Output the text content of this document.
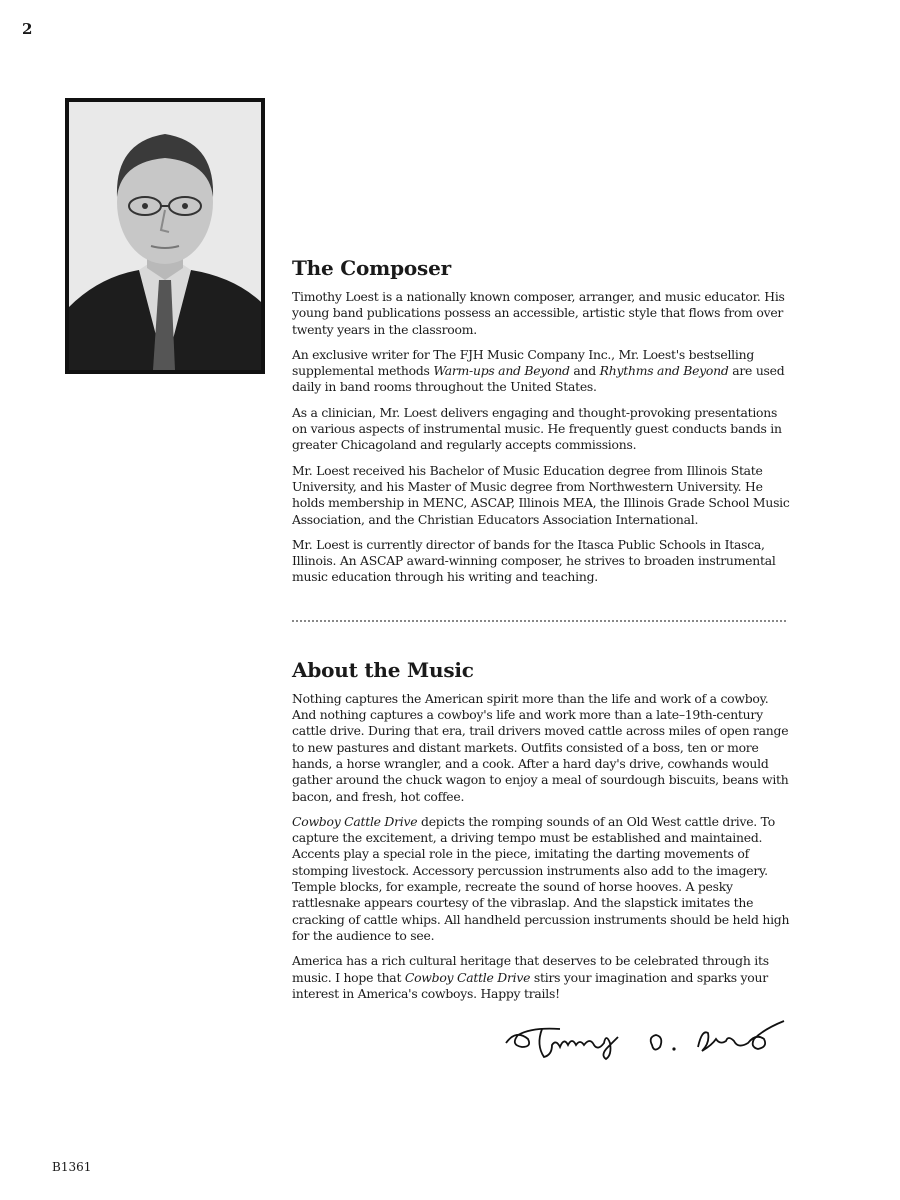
2
The Composer

Timothy Loest is a nationally known composer, arranger, and music educator. His young band publications possess an accessible, artistic style that flows from over twenty years in the classroom.

An exclusive writer for The FJH Music Company Inc., Mr. Loest's bestselling supplemental methods Warm-ups and Beyond and Rhythms and Beyond are used daily in band rooms throughout the United States.

As a clinician, Mr. Loest delivers engaging and thought-provoking presentations on various aspects of instrumental music. He frequently guest conducts bands in greater Chicagoland and regularly accepts commissions.

Mr. Loest received his Bachelor of Music Education degree from Illinois State University, and his Master of Music degree from Northwestern University. He holds membership in MENC, ASCAP, Illinois MEA, the Illinois Grade School Music Association, and the Christian Educators Association International.

Mr. Loest is currently director of bands for the Itasca Public Schools in Itasca, Illinois. An ASCAP award-winning composer, he strives to broaden instrumental music education through his writing and teaching.

About the Music

Nothing captures the American spirit more than the life and work of a cowboy. And nothing captures a cowboy's life and work more than a late–19th-century cattle drive. During that era, trail drivers moved cattle across miles of open range to new pastures and distant markets. Outfits consisted of a boss, ten or more hands, a horse wrangler, and a cook. After a hard day's drive, cowhands would gather around the chuck wagon to enjoy a meal of sourdough biscuits, beans with bacon, and fresh, hot coffee.

Cowboy Cattle Drive depicts the romping sounds of an Old West cattle drive. To capture the excitement, a driving tempo must be established and maintained. Accents play a special role in the piece, imitating the darting movements of stomping livestock. Accessory percussion instruments also add to the imagery. Temple blocks, for example, recreate the sound of horse hooves. A pesky rattlesnake appears courtesy of the vibraslap. And the slapstick imitates the cracking of cattle whips. All handheld percussion instruments should be held high for the audience to see.

America has a rich cultural heritage that deserves to be celebrated through its music. I hope that Cowboy Cattle Drive stirs your imagination and sparks your interest in America's cowboys. Happy trails!

B1361
